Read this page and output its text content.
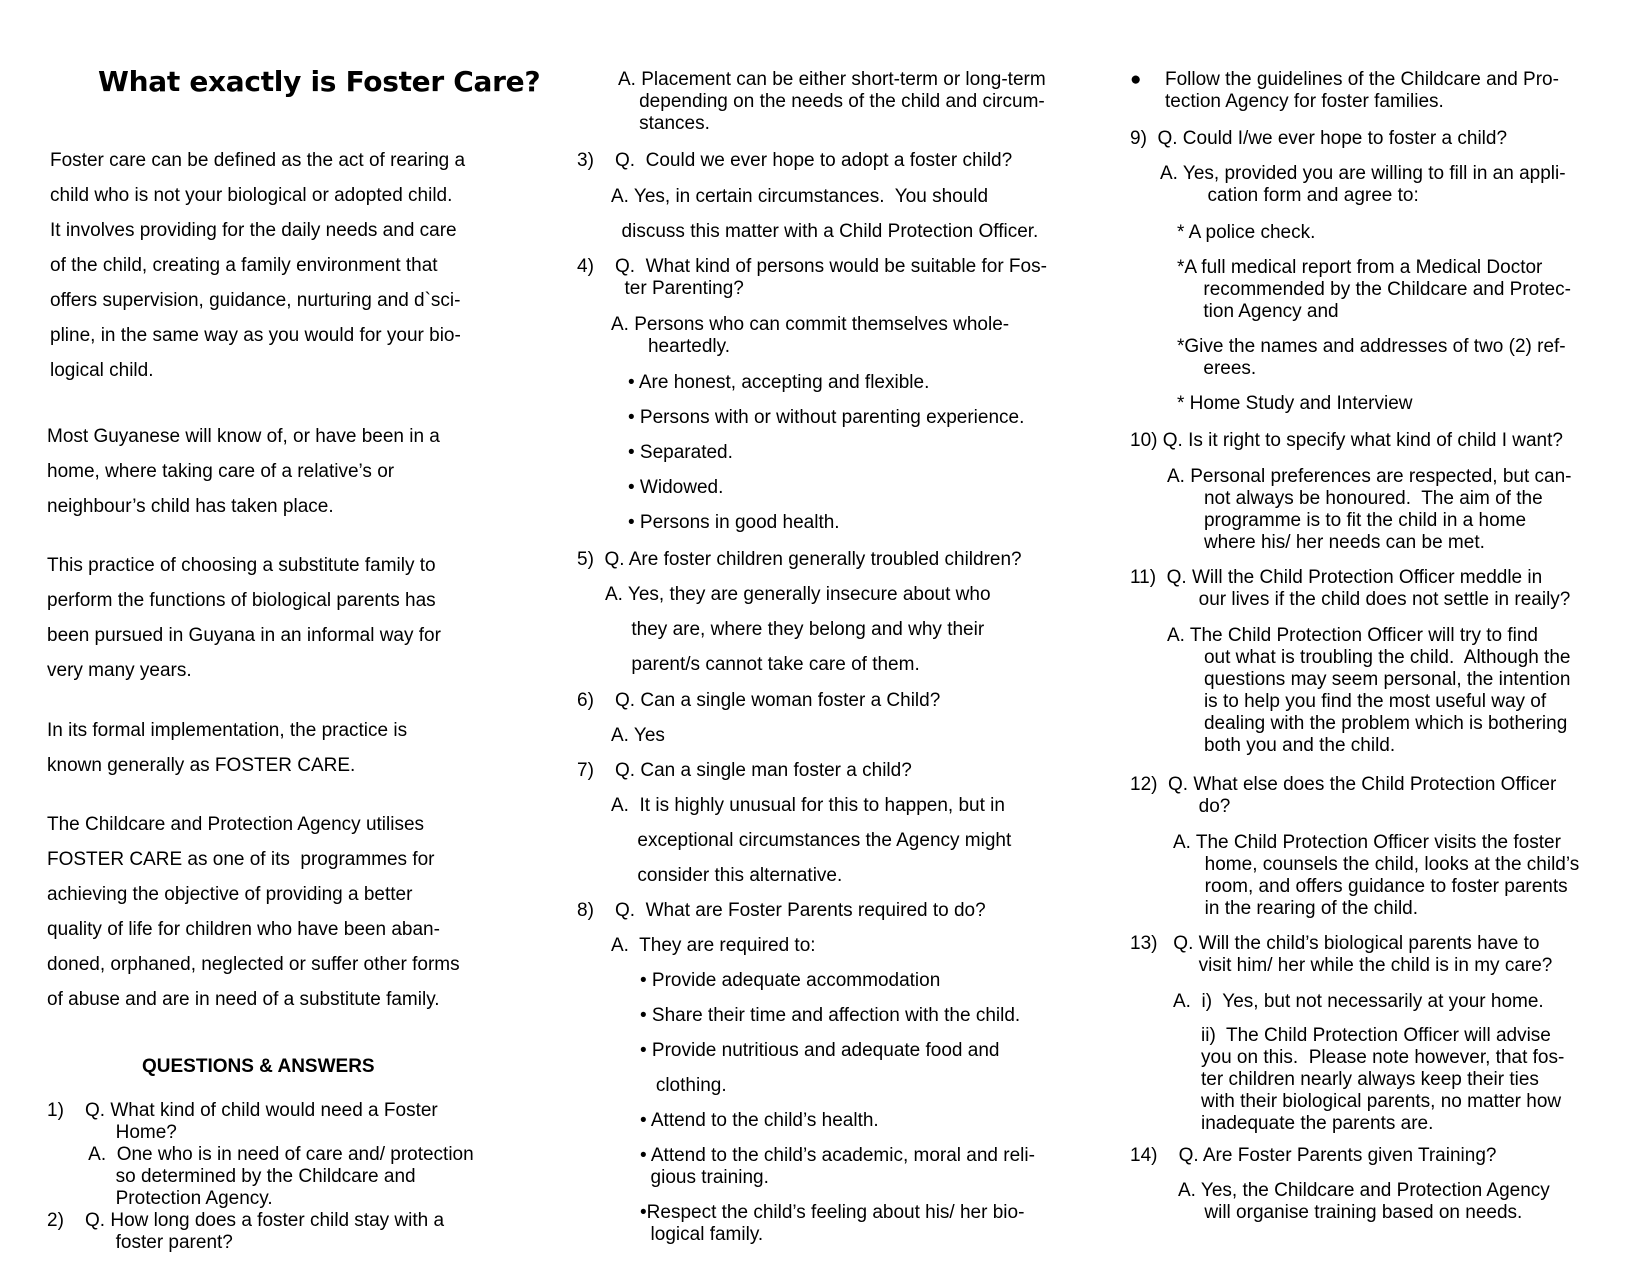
What exactly is Foster Care?
Foster care can be defined as the act of rearing a
child who is not your biological or adopted child.
It involves providing for the daily needs and care
of the child, creating a family environment that
offers supervision, guidance, nurturing and d`sci-
pline, in the same way as you would for your bio-
logical child.
Most Guyanese will know of, or have been in a
home, where taking care of a relative’s or
neighbour’s child has taken place.
This practice of choosing a substitute family to
perform the functions of biological parents has
been pursued in Guyana in an informal way for
very many years.
In its formal implementation, the practice is
known generally as FOSTER CARE.
The Childcare and Protection Agency utilises
FOSTER CARE as one of its  programmes for
achieving the objective of providing a better
quality of life for children who have been aban-
doned, orphaned, neglected or suffer other forms
of abuse and are in need of a substitute family.
QUESTIONS & ANSWERS
1)    Q. What kind of child would need a Foster
Home?
A.  One who is in need of care and/ protection
so determined by the Childcare and
Protection Agency.
2)    Q. How long does a foster child stay with a
foster parent?
A. Placement can be either short-term or long-term
depending on the needs of the child and circum-
stances.
3)    Q.  Could we ever hope to adopt a foster child?
A. Yes, in certain circumstances.  You should
discuss this matter with a Child Protection Officer.
4)    Q.  What kind of persons would be suitable for Fos-
ter Parenting?
A. Persons who can commit themselves whole-
heartedly.
• Are honest, accepting and flexible.
• Persons with or without parenting experience.
• Separated.
• Widowed.
• Persons in good health.
5)  Q. Are foster children generally troubled children?
A. Yes, they are generally insecure about who
they are, where they belong and why their
parent/s cannot take care of them.
6)    Q. Can a single woman foster a Child?
A. Yes
7)    Q. Can a single man foster a child?
A.  It is highly unusual for this to happen, but in
exceptional circumstances the Agency might
consider this alternative.
8)    Q.  What are Foster Parents required to do?
A.  They are required to:
• Provide adequate accommodation
• Share their time and affection with the child.
• Provide nutritious and adequate food and
clothing.
• Attend to the child’s health.
• Attend to the child’s academic, moral and reli-
gious training.
•Respect the child’s feeling about his/ her bio-
logical family.
● Follow the guidelines of the Childcare and Pro-
tection Agency for foster families.
9)  Q. Could I/we ever hope to foster a child?
A. Yes, provided you are willing to fill in an appli-
cation form and agree to:
* A police check.
*A full medical report from a Medical Doctor
recommended by the Childcare and Protec-
tion Agency and
*Give the names and addresses of two (2) ref-
erees.
* Home Study and Interview
10) Q. Is it right to specify what kind of child I want?
A. Personal preferences are respected, but can-
not always be honoured.  The aim of the
programme is to fit the child in a home
where his/ her needs can be met.
11)  Q. Will the Child Protection Officer meddle in
our lives if the child does not settle in reaily?
A. The Child Protection Officer will try to find
out what is troubling the child.  Although the
questions may seem personal, the intention
is to help you find the most useful way of
dealing with the problem which is bothering
both you and the child.
12)  Q. What else does the Child Protection Officer
do?
A. The Child Protection Officer visits the foster
home, counsels the child, looks at the child’s
room, and offers guidance to foster parents
in the rearing of the child.
13)   Q. Will the child’s biological parents have to
visit him/ her while the child is in my care?
A.  i)  Yes, but not necessarily at your home.
ii)  The Child Protection Officer will advise
you on this.  Please note however, that fos-
ter children nearly always keep their ties
with their biological parents, no matter how
inadequate the parents are.
14)    Q. Are Foster Parents given Training?
A. Yes, the Childcare and Protection Agency
will organise training based on needs.
